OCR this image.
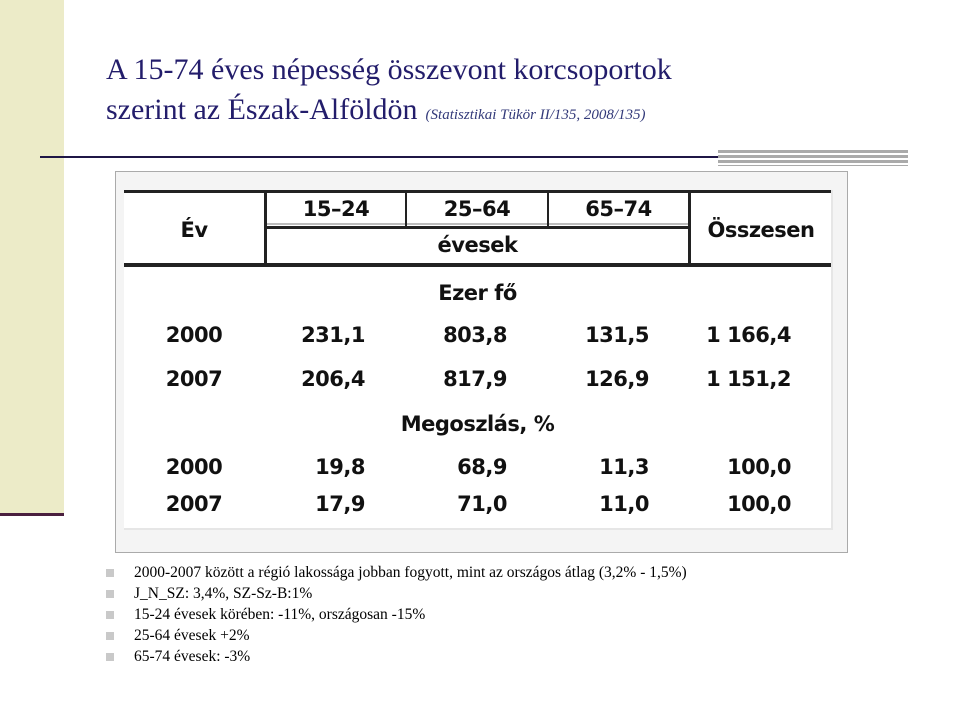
A 15-74 éves népesség összevont korcsoportok
szerint az Észak-Alföldön (Statisztikai Tükör II/135, 2008/135)
Év
15–24	25–64	65–74
évesek
Összesen
Ezer fő
2000	231,1	803,8	131,5	1 166,4
2007	206,4	817,9	126,9	1 151,2
Megoszlás, %
2000	19,8	68,9	11,3	100,0
2007	17,9	71,0	11,0	100,0
2000-2007 között a régió lakossága jobban fogyott, mint az országos átlag (3,2% - 1,5%)
J_N_SZ: 3,4%, SZ-Sz-B:1%
15-24 évesek körében: -11%, országosan -15%
25-64 évesek +2%
65-74 évesek: -3%
